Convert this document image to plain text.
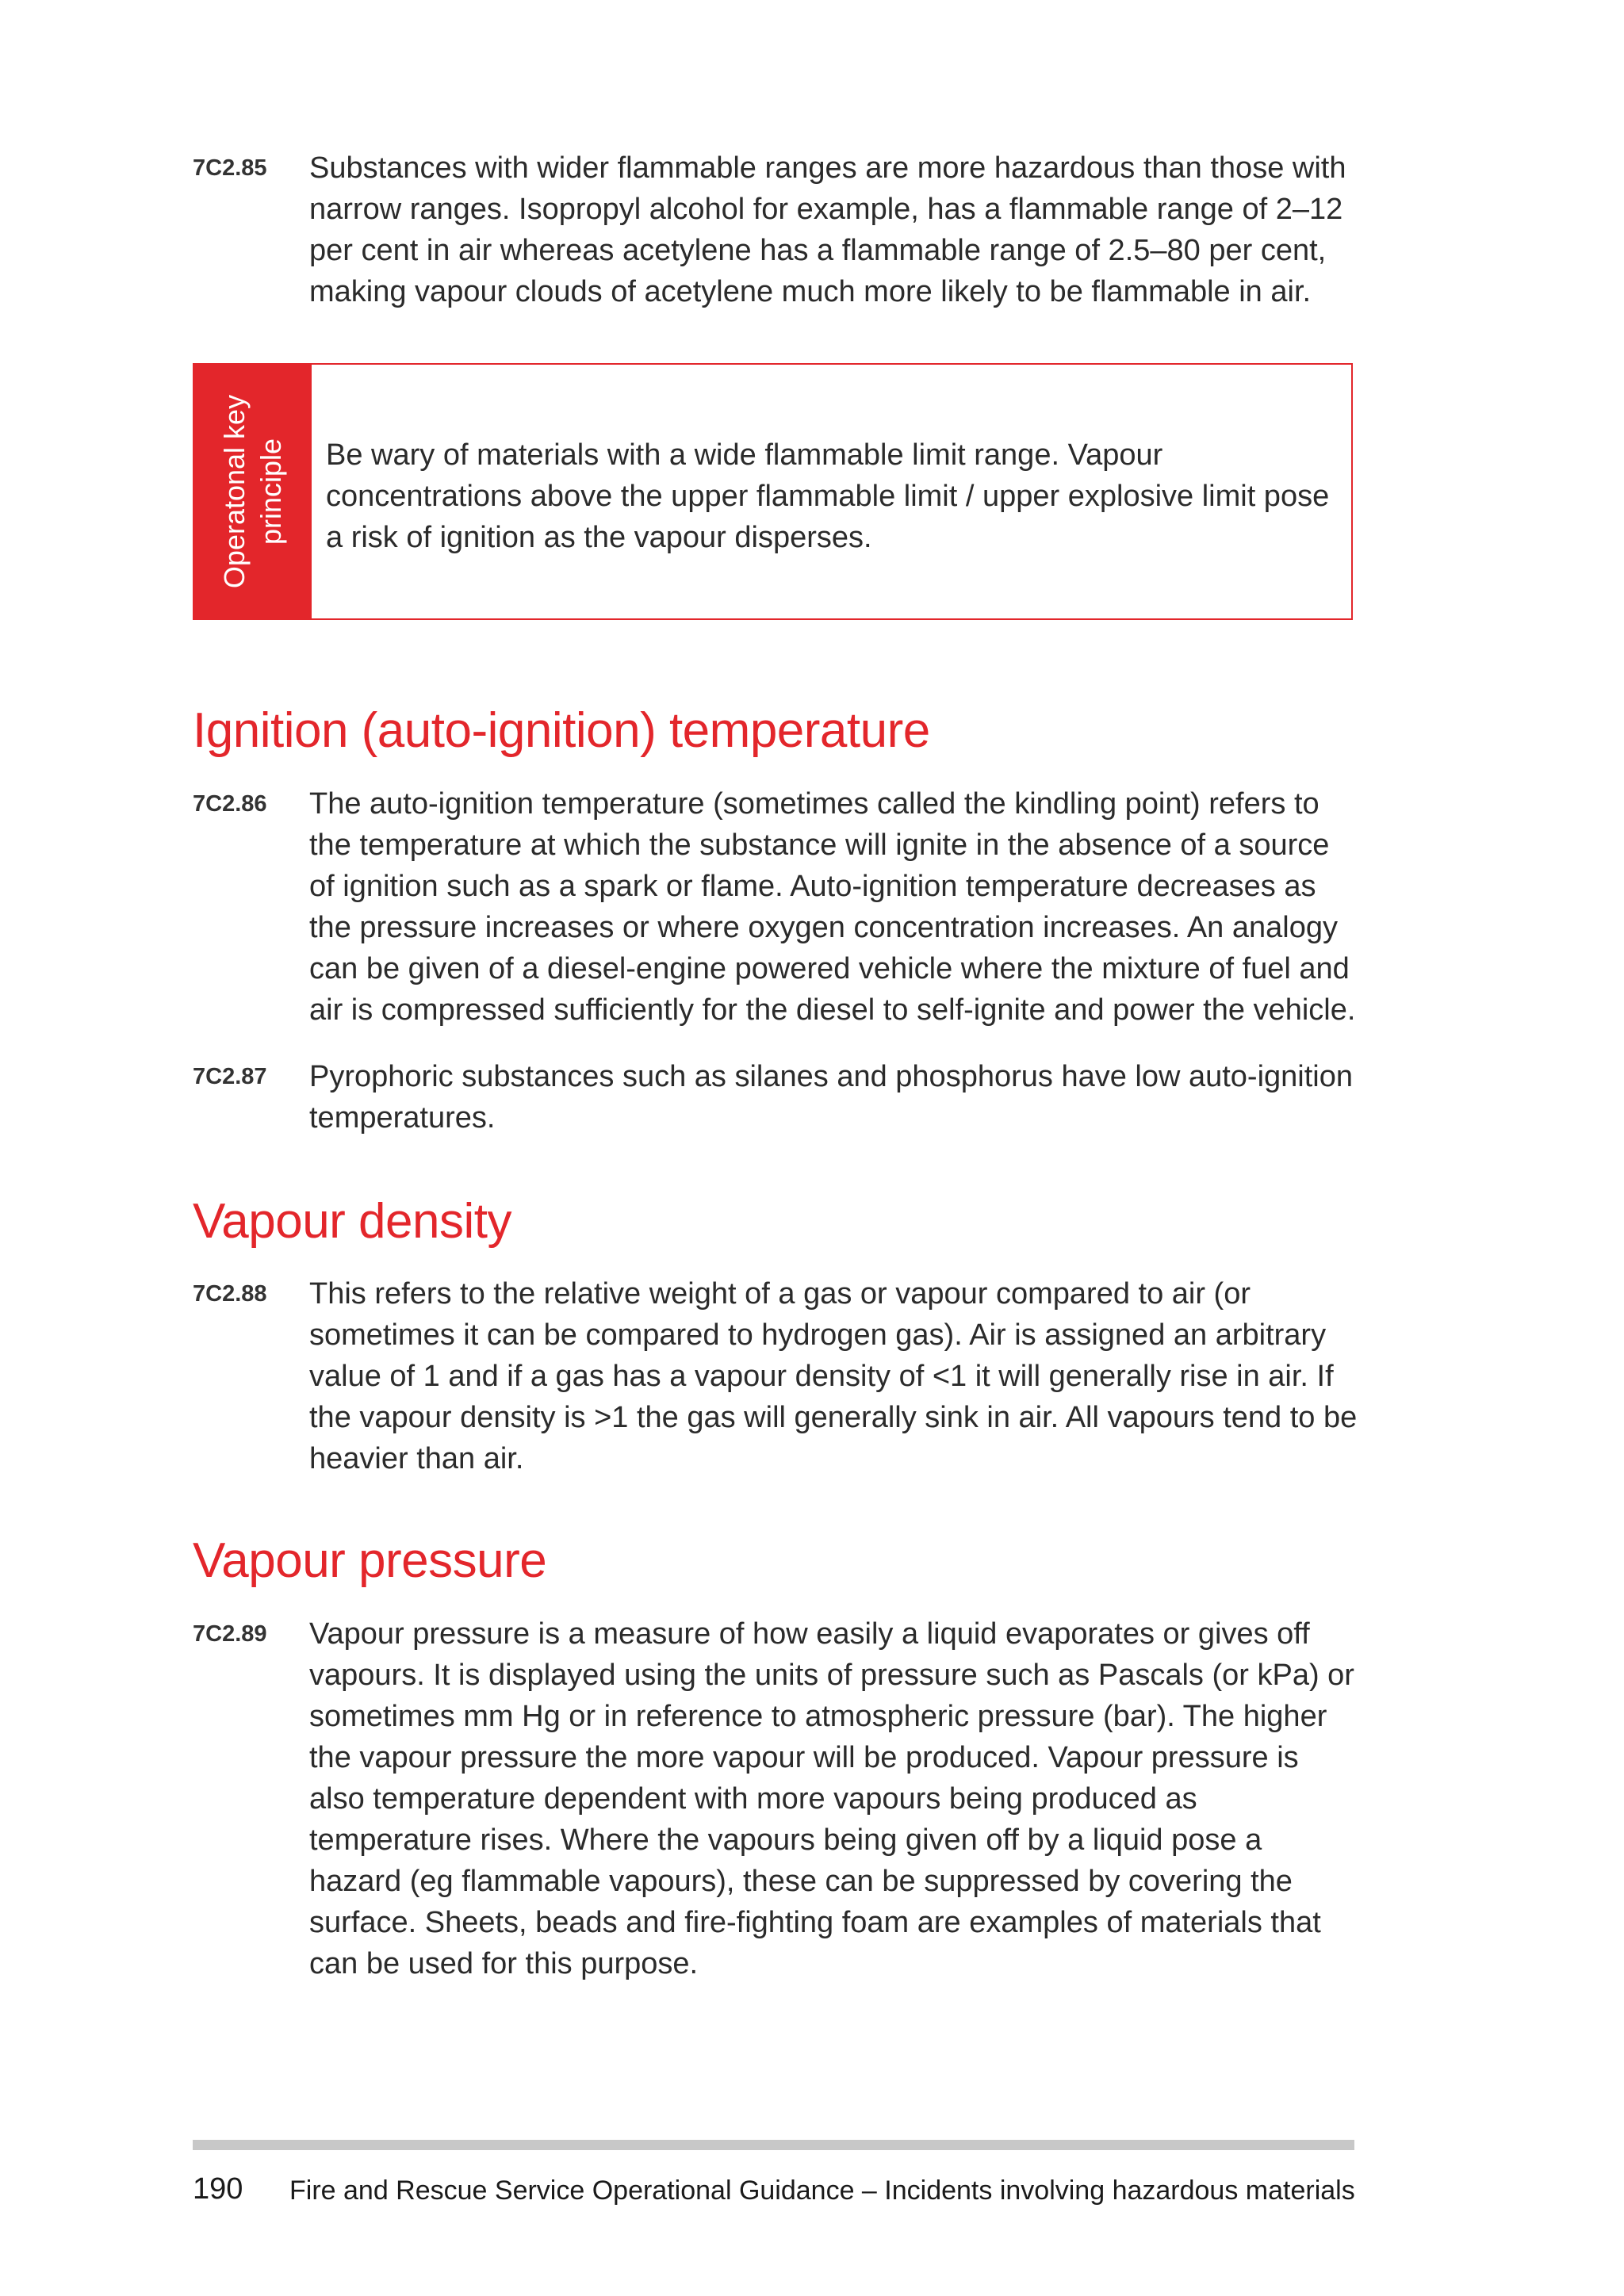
7C2.85 Substances with wider flammable ranges are more hazardous than those with narrow ranges. Isopropyl alcohol for example, has a flammable range of 2–12 per cent in air whereas acetylene has a flammable range of 2.5–80 per cent, making vapour clouds of acetylene much more likely to be flammable in air.
Operatonal key principle Be wary of materials with a wide flammable limit range. Vapour concentrations above the upper flammable limit / upper explosive limit pose a risk of ignition as the vapour disperses.
Ignition (auto-ignition) temperature
7C2.86 The auto-ignition temperature (sometimes called the kindling point) refers to the temperature at which the substance will ignite in the absence of a source of ignition such as a spark or flame. Auto-ignition temperature decreases as the pressure increases or where oxygen concentration increases. An analogy can be given of a diesel-engine powered vehicle where the mixture of fuel and air is compressed sufficiently for the diesel to self-ignite and power the vehicle.
7C2.87 Pyrophoric substances such as silanes and phosphorus have low auto-ignition temperatures.
Vapour density
7C2.88 This refers to the relative weight of a gas or vapour compared to air (or sometimes it can be compared to hydrogen gas). Air is assigned an arbitrary value of 1 and if a gas has a vapour density of <1 it will generally rise in air. If the vapour density is >1 the gas will generally sink in air. All vapours tend to be heavier than air.
Vapour pressure
7C2.89 Vapour pressure is a measure of how easily a liquid evaporates or gives off vapours. It is displayed using the units of pressure such as Pascals (or kPa) or sometimes mm Hg or in reference to atmospheric pressure (bar). The higher the vapour pressure the more vapour will be produced. Vapour pressure is also temperature dependent with more vapours being produced as temperature rises. Where the vapours being given off by a liquid pose a hazard (eg flammable vapours), these can be suppressed by covering the surface. Sheets, beads and fire-fighting foam are examples of materials that can be used for this purpose.
190 Fire and Rescue Service Operational Guidance – Incidents involving hazardous materials
